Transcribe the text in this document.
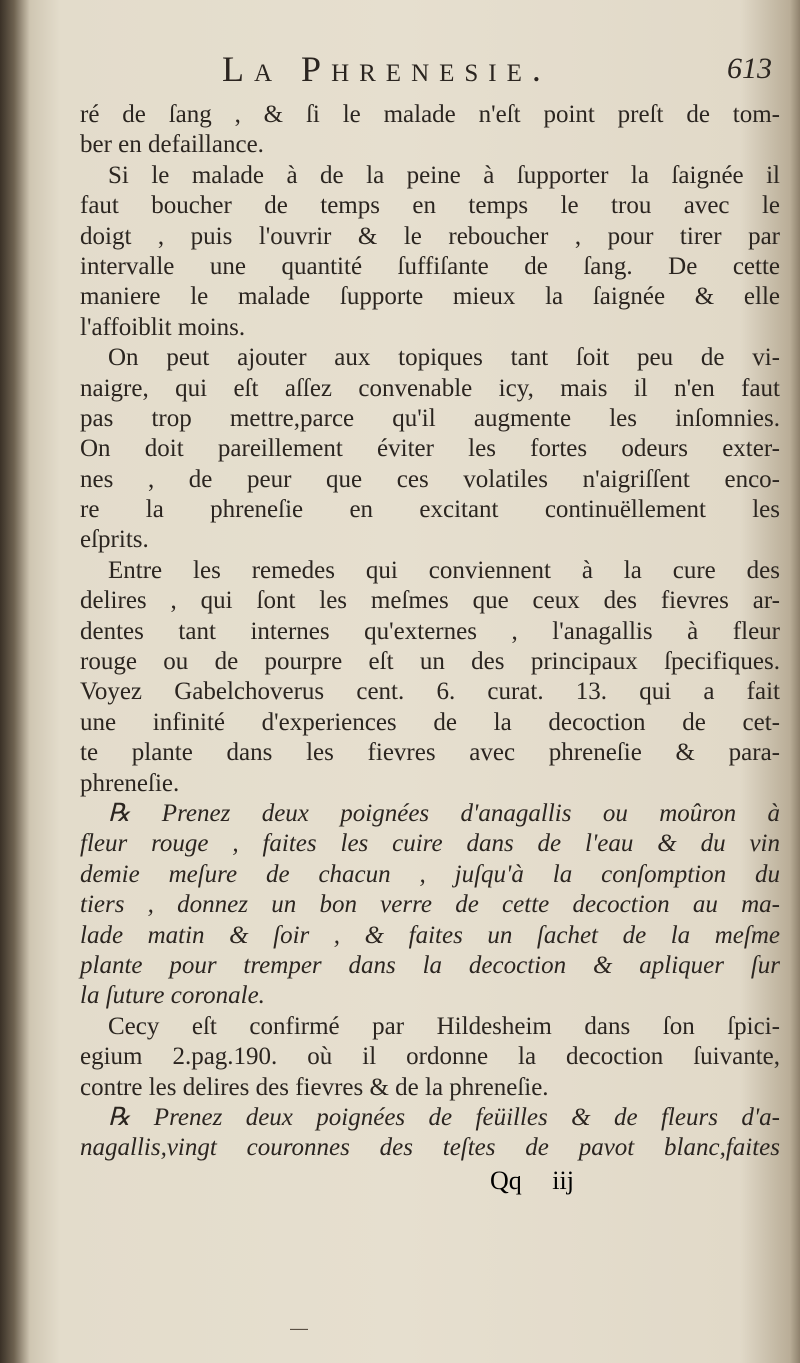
La Phrenesie.	613
ré de ſang , & ſi le malade n'eſt point preſt de tom-
ber en defaillance.
Si le malade à de la peine à ſupporter la ſaignée il
faut boucher de temps en temps le trou avec le
doigt , puis l'ouvrir & le reboucher , pour tirer par
intervalle une quantité ſuffiſante de ſang. De cette
maniere le malade ſupporte mieux la ſaignée & elle
l'affoiblit moins.
On peut ajouter aux topiques tant ſoit peu de vi-
naigre, qui eſt aſſez convenable icy, mais il n'en faut
pas trop mettre,parce qu'il augmente les inſomnies.
On doit pareillement éviter les fortes odeurs exter-
nes , de peur que ces volatiles n'aigriſſent enco-
re la phreneſie en excitant continuëllement les
eſprits.
Entre les remedes qui conviennent à la cure des
delires , qui ſont les meſmes que ceux des fievres ar-
dentes tant internes qu'externes , l'anagallis à fleur
rouge ou de pourpre eſt un des principaux ſpecifiques.
Voyez Gabelchoverus cent. 6. curat. 13. qui a fait
une infinité d'experiences de la decoction de cet-
te plante dans les fievres avec phreneſie & para-
phreneſie.
℞ Prenez deux poignées d'anagallis ou moûron à
fleur rouge , faites les cuire dans de l'eau & du vin
demie meſure de chacun , juſqu'à la conſomption du
tiers , donnez un bon verre de cette decoction au ma-
lade matin & ſoir , & faites un ſachet de la meſme
plante pour tremper dans la decoction & apliquer ſur
la ſuture coronale.
Cecy eſt confirmé par Hildesheim dans ſon ſpici-
egium 2.pag.190. où il ordonne la decoction ſuivante,
contre les delires des fievres & de la phreneſie.
℞ Prenez deux poignées de feüilles & de fleurs d'a-
nagallis,vingt couronnes des teſtes de pavot blanc,faites
Qq iij
―
